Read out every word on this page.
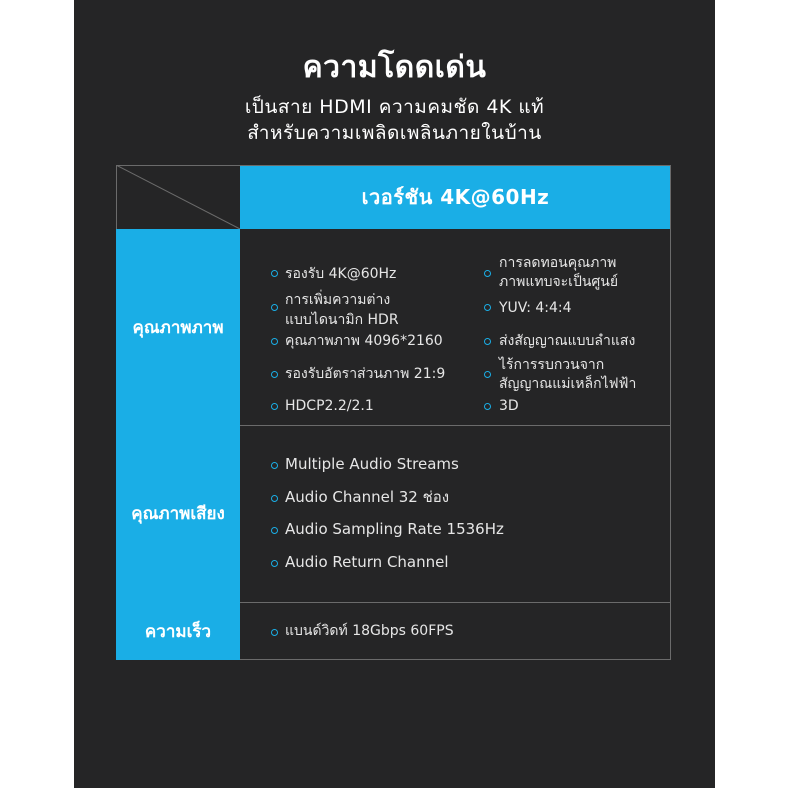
ความโดดเด่น
เป็นสาย HDMI ความคมชัด 4K แท้
สำหรับความเพลิดเพลินภายในบ้าน
เวอร์ชัน 4K@60Hz
คุณภาพภาพ
คุณภาพเสียง
ความเร็ว
รองรับ 4K@60Hz
การเพิ่มความต่าง
แบบไดนามิก HDR
คุณภาพภาพ 4096*2160
รองรับอัตราส่วนภาพ 21:9
HDCP2.2/2.1
การลดทอนคุณภาพ
ภาพแทบจะเป็นศูนย์
YUV: 4:4:4
ส่งสัญญาณแบบลำแสง
ไร้การรบกวนจาก
สัญญาณแม่เหล็กไฟฟ้า
3D
Multiple Audio Streams
Audio Channel 32 ช่อง
Audio Sampling Rate 1536Hz
Audio Return Channel
แบนด์วิดท์ 18Gbps 60FPS
